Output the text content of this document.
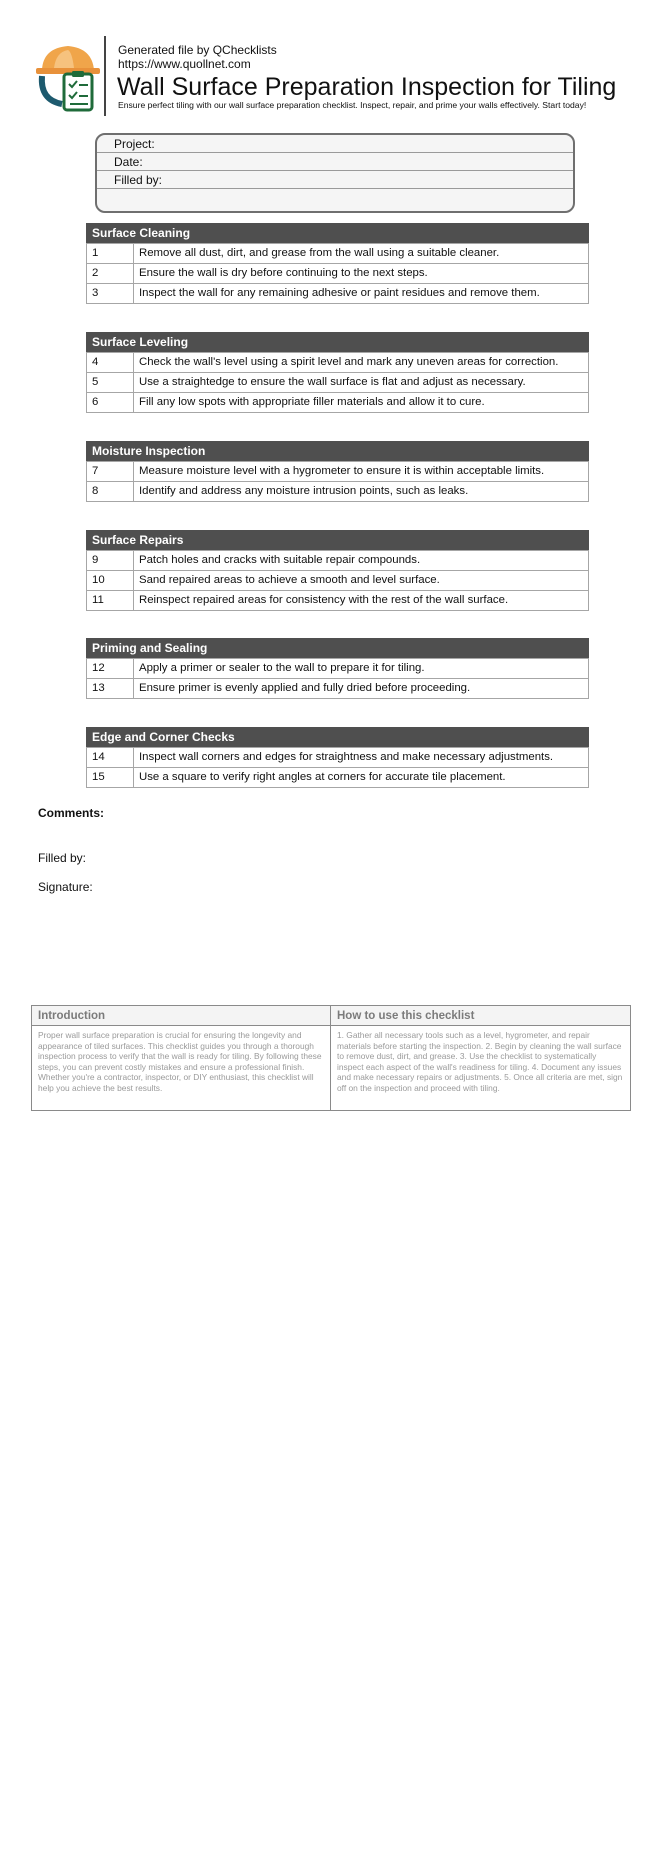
Generated file by QChecklists
https://www.quollnet.com
Wall Surface Preparation Inspection for Tiling
Ensure perfect tiling with our wall surface preparation checklist. Inspect, repair, and prime your walls effectively. Start today!
Project:
Date:
Filled by:
Surface Cleaning
1	Remove all dust, dirt, and grease from the wall using a suitable cleaner.
2	Ensure the wall is dry before continuing to the next steps.
3	Inspect the wall for any remaining adhesive or paint residues and remove them.
Surface Leveling
4	Check the wall's level using a spirit level and mark any uneven areas for correction.
5	Use a straightedge to ensure the wall surface is flat and adjust as necessary.
6	Fill any low spots with appropriate filler materials and allow it to cure.
Moisture Inspection
7	Measure moisture level with a hygrometer to ensure it is within acceptable limits.
8	Identify and address any moisture intrusion points, such as leaks.
Surface Repairs
9	Patch holes and cracks with suitable repair compounds.
10	Sand repaired areas to achieve a smooth and level surface.
11	Reinspect repaired areas for consistency with the rest of the wall surface.
Priming and Sealing
12	Apply a primer or sealer to the wall to prepare it for tiling.
13	Ensure primer is evenly applied and fully dried before proceeding.
Edge and Corner Checks
14	Inspect wall corners and edges for straightness and make necessary adjustments.
15	Use a square to verify right angles at corners for accurate tile placement.
Comments:
Filled by:
Signature:
Introduction
Proper wall surface preparation is crucial for ensuring the longevity and appearance of tiled surfaces. This checklist guides you through a thorough inspection process to verify that the wall is ready for tiling. By following these steps, you can prevent costly mistakes and ensure a professional finish. Whether you're a contractor, inspector, or DIY enthusiast, this checklist will help you achieve the best results.
How to use this checklist
1. Gather all necessary tools such as a level, hygrometer, and repair materials before starting the inspection. 2. Begin by cleaning the wall surface to remove dust, dirt, and grease. 3. Use the checklist to systematically inspect each aspect of the wall's readiness for tiling. 4. Document any issues and make necessary repairs or adjustments. 5. Once all criteria are met, sign off on the inspection and proceed with tiling.
